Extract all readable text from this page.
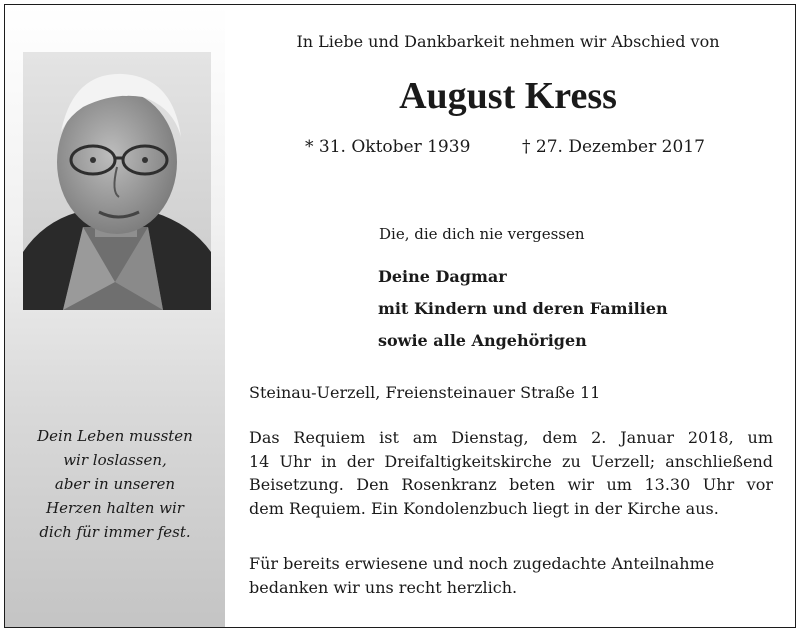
Dein Leben mussten
wir loslassen,
aber in unseren
Herzen halten wir
dich für immer fest.
In Liebe und Dankbarkeit nehmen wir Abschied von
August Kress
* 31. Oktober 1939	† 27. Dezember 2017
Die, die dich nie vergessen
Deine Dagmar
mit Kindern und deren Familien
sowie alle Angehörigen
Steinau-Uerzell, Freiensteinauer Straße 11
Das Requiem ist am Dienstag, dem 2. Januar 2018, um
14 Uhr in der Dreifaltigkeitskirche zu Uerzell; anschließend
Beisetzung. Den Rosenkranz beten wir um 13.30 Uhr vor
dem Requiem. Ein Kondolenzbuch liegt in der Kirche aus.
Für bereits erwiesene und noch zugedachte Anteilnahme
bedanken wir uns recht herzlich.
